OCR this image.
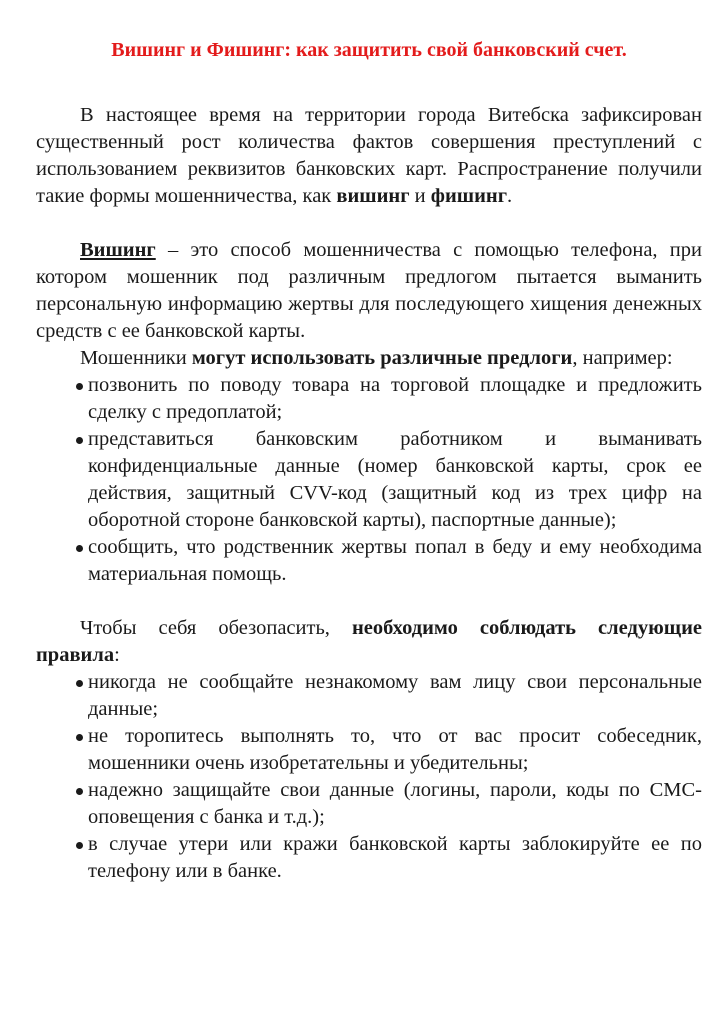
Вишинг и Фишинг: как защитить свой банковский счет.

В настоящее время на территории города Витебска зафиксирован существенный рост количества фактов совершения преступлений с использованием реквизитов банковских карт. Распространение получили такие формы мошенничества, как вишинг и фишинг.

Вишинг – это способ мошенничества с помощью телефона, при котором мошенник под различным предлогом пытается выманить персональную информацию жертвы для последующего хищения денежных средств с ее банковской карты.

Мошенники могут использовать различные предлоги, например:

позвонить по поводу товара на торговой площадке и предложить сделку с предоплатой;
представиться банковским работником и выманивать конфиденциальные данные (номер банковской карты, срок ее действия, защитный CVV-код (защитный код из трех цифр на оборотной стороне банковской карты), паспортные данные);
сообщить, что родственник жертвы попал в беду и ему необходима материальная помощь.

Чтобы себя обезопасить, необходимо соблюдать следующие правила:

никогда не сообщайте незнакомому вам лицу свои персональные данные;
не торопитесь выполнять то, что от вас просит собеседник, мошенники очень изобретательны и убедительны;
надежно защищайте свои данные (логины, пароли, коды по СМС-оповещения с банка и т.д.);
в случае утери или кражи банковской карты заблокируйте ее по телефону или в банке.
